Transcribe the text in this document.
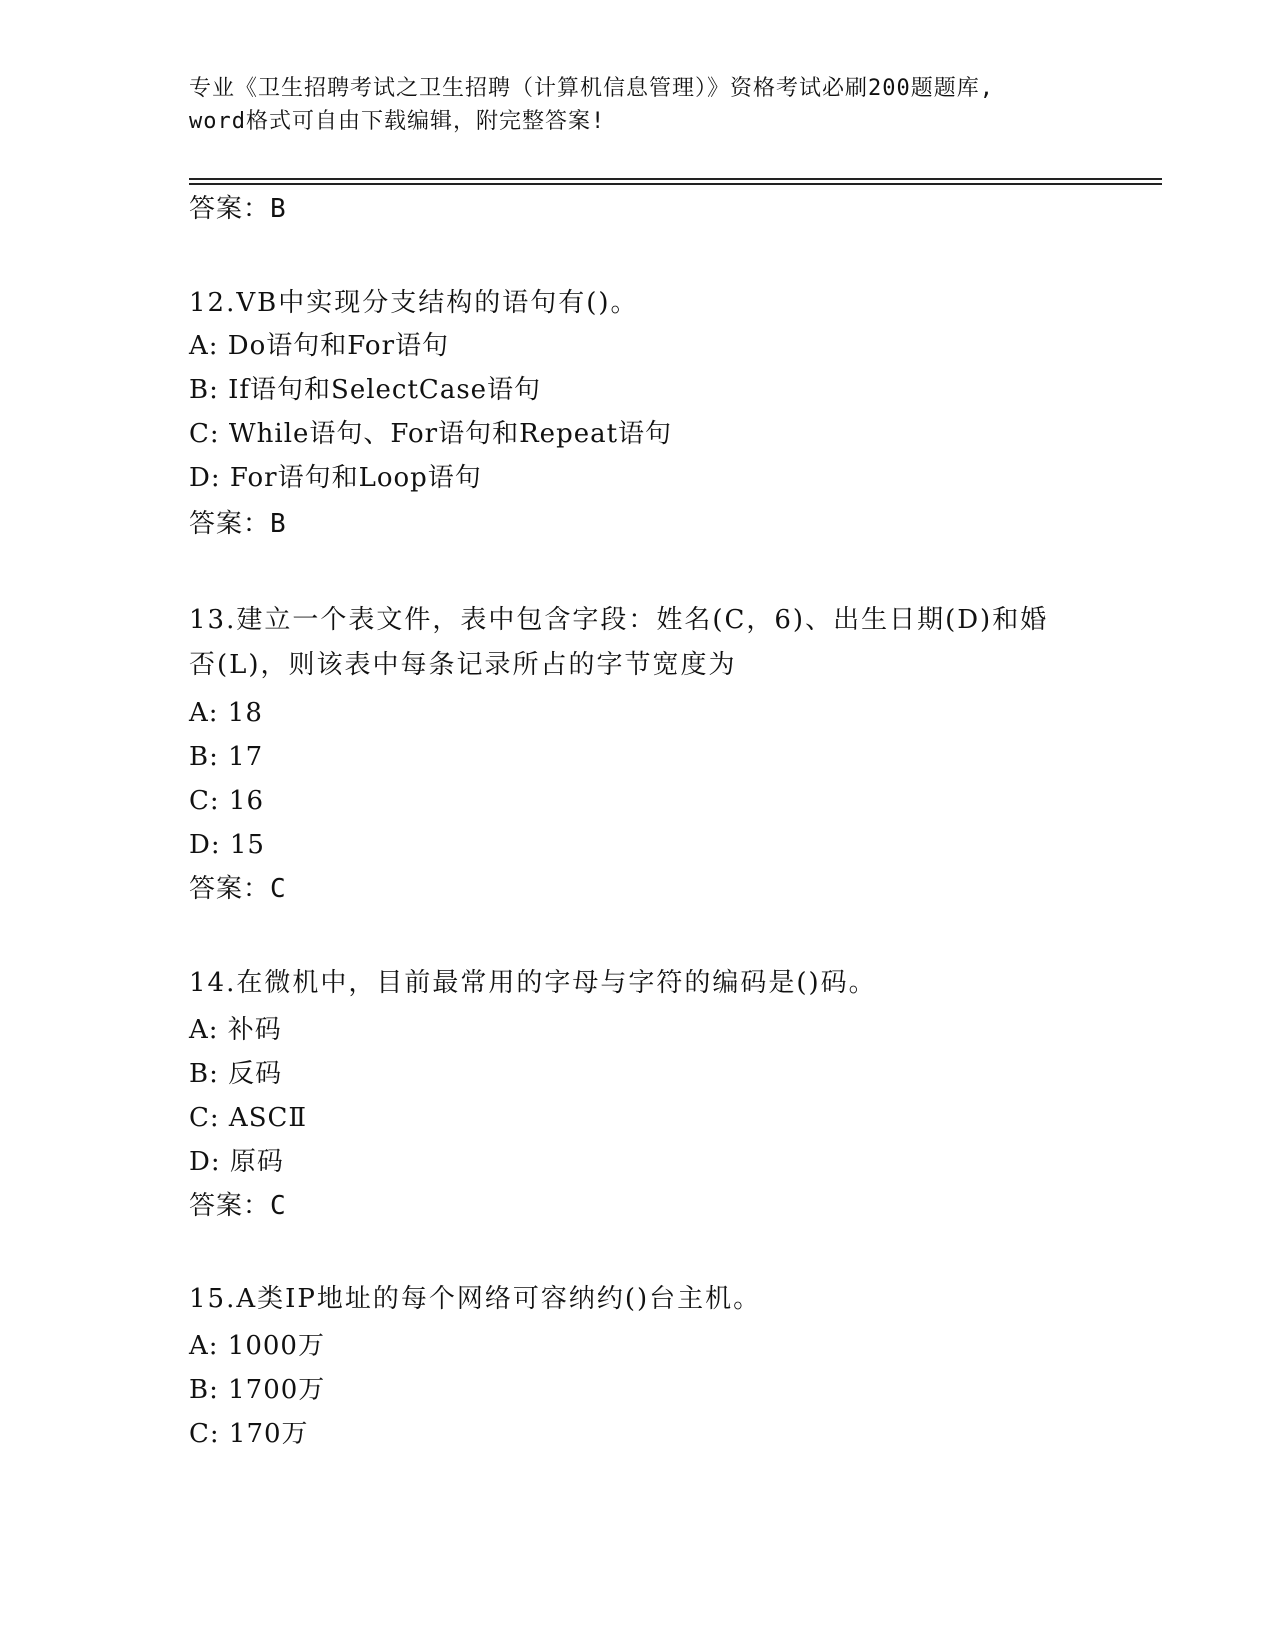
专业《卫生招聘考试之卫生招聘（计算机信息管理）》资格考试必刷200题题库,
word格式可自由下载编辑，附完整答案!
答案：B
12.VB中实现分支结构的语句有()。
A: Do语句和For语句
B: If语句和SelectCase语句
C: While语句、For语句和Repeat语句
D: For语句和Loop语句
答案：B
13.建立一个表文件，表中包含字段：姓名(C，6)、出生日期(D)和婚
否(L)，则该表中每条记录所占的字节宽度为
A: 18
B: 17
C: 16
D: 15
答案：C
14.在微机中，目前最常用的字母与字符的编码是()码。
A: 补码
B: 反码
C: ASCⅡ
D: 原码
答案：C
15.A类IP地址的每个网络可容纳约()台主机。
A: 1000万
B: 1700万
C: 170万
